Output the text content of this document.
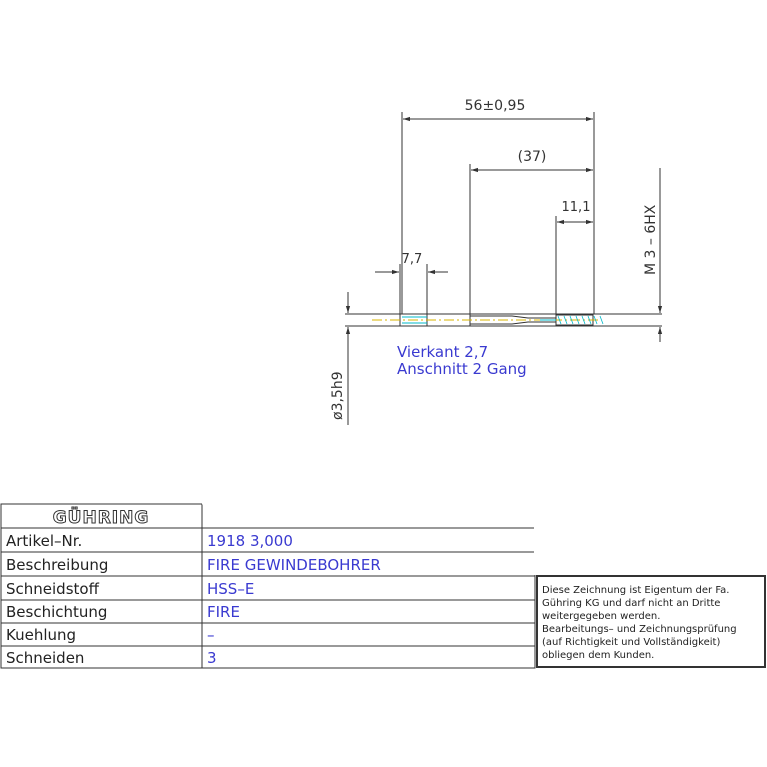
56±0,95
(37)
11,1
7,7	M 3 – 6HX
ø3,5h9
Vierkant 2,7
Anschnitt 2 Gang
GÜHRING
Artikel–Nr.	1918 3,000
Beschreibung	FIRE GEWINDEBOHRER
Schneidstoff	HSS–E
Beschichtung	FIRE
Kuehlung	–
Schneiden	3
Diese Zeichnung ist Eigentum der Fa.
Gühring KG und darf nicht an Dritte
weitergegeben werden.
Bearbeitungs– und Zeichnungsprüfung
(auf Richtigkeit und Vollständigkeit)
obliegen dem Kunden.
